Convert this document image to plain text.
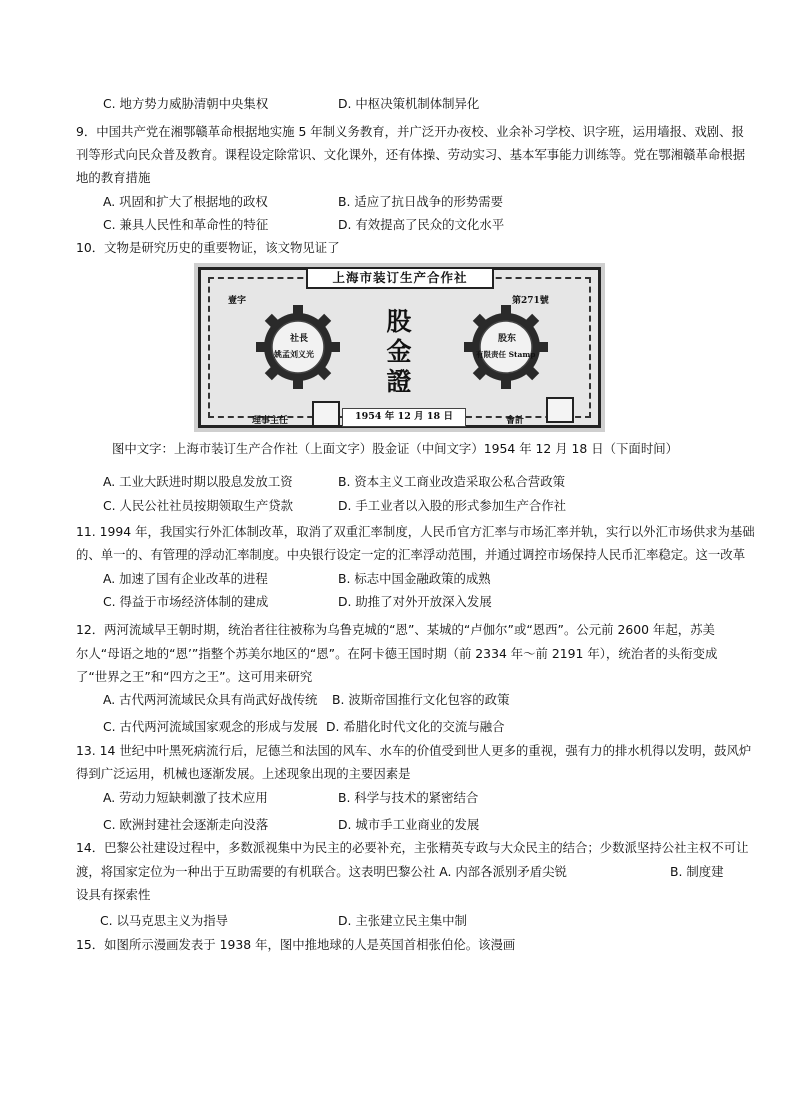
C. 地方势力威胁清朝中央集权	D. 中枢决策机制体制异化
9．中国共产党在湘鄂赣革命根据地实施 5 年制义务教育，并广泛开办夜校、业余补习学校、识字班，运用墙报、戏剧、报
刊等形式向民众普及教育。课程设定除常识、文化课外，还有体操、劳动实习、基本军事能力训练等。党在鄂湘赣革命根据
地的教育措施
A. 巩固和扩大了根据地的政权	B. 适应了抗日战争的形势需要
C. 兼具人民性和革命性的特征	D. 有效提高了民众的文化水平
10．文物是研究历史的重要物证，该文物见证了
上海市装订生产合作社
壹字	第271號
社長
姚孟刘义光
股
金
證
股东
有限责任 Stamp
理事主任	1954 年 12 月 18 日	會計
图中文字：上海市装订生产合作社（上面文字）股金证（中间文字）1954 年 12 月 18 日（下面时间）
A. 工业大跃进时期以股息发放工资	B. 资本主义工商业改造采取公私合营政策
C. 人民公社社员按期领取生产贷款	D. 手工业者以入股的形式参加生产合作社
11. 1994 年，我国实行外汇体制改革，取消了双重汇率制度，人民币官方汇率与市场汇率并轨，实行以外汇市场供求为基础
的、单一的、有管理的浮动汇率制度。中央银行设定一定的汇率浮动范围，并通过调控市场保持人民币汇率稳定。这一改革
A. 加速了国有企业改革的进程	B. 标志中国金融政策的成熟
C. 得益于市场经济体制的建成	D. 助推了对外开放深入发展
12．两河流域早王朝时期，统治者往往被称为乌鲁克城的“恩”、某城的“卢伽尔”或“恩西”。公元前 2600 年起，苏美
尔人“母语之地的“恩’”指整个苏美尔地区的“恩”。在阿卡德王国时期（前 2334 年～前 2191 年），统治者的头衔变成
了“世界之王”和“四方之王”。这可用来研究
A. 古代两河流域民众具有尚武好战传统 B. 波斯帝国推行文化包容的政策
C. 古代两河流域国家观念的形成与发展 D. 希腊化时代文化的交流与融合
13. 14 世纪中叶黑死病流行后，尼德兰和法国的风车、水车的价值受到世人更多的重视，强有力的排水机得以发明，鼓风炉
得到广泛运用，机械也逐渐发展。上述现象出现的主要因素是
A. 劳动力短缺刺激了技术应用	B. 科学与技术的紧密结合
C. 欧洲封建社会逐渐走向没落	D. 城市手工业商业的发展
14．巴黎公社建设过程中，多数派视集中为民主的必要补充，主张精英专政与大众民主的结合；少数派坚持公社主权不可让
渡，将国家定位为一种出于互助需要的有机联合。这表明巴黎公社 A. 内部各派别矛盾尖锐	B. 制度建
设具有探索性
C. 以马克思主义为指导	D. 主张建立民主集中制
15．如图所示漫画发表于 1938 年，图中推地球的人是英国首相张伯伦。该漫画
